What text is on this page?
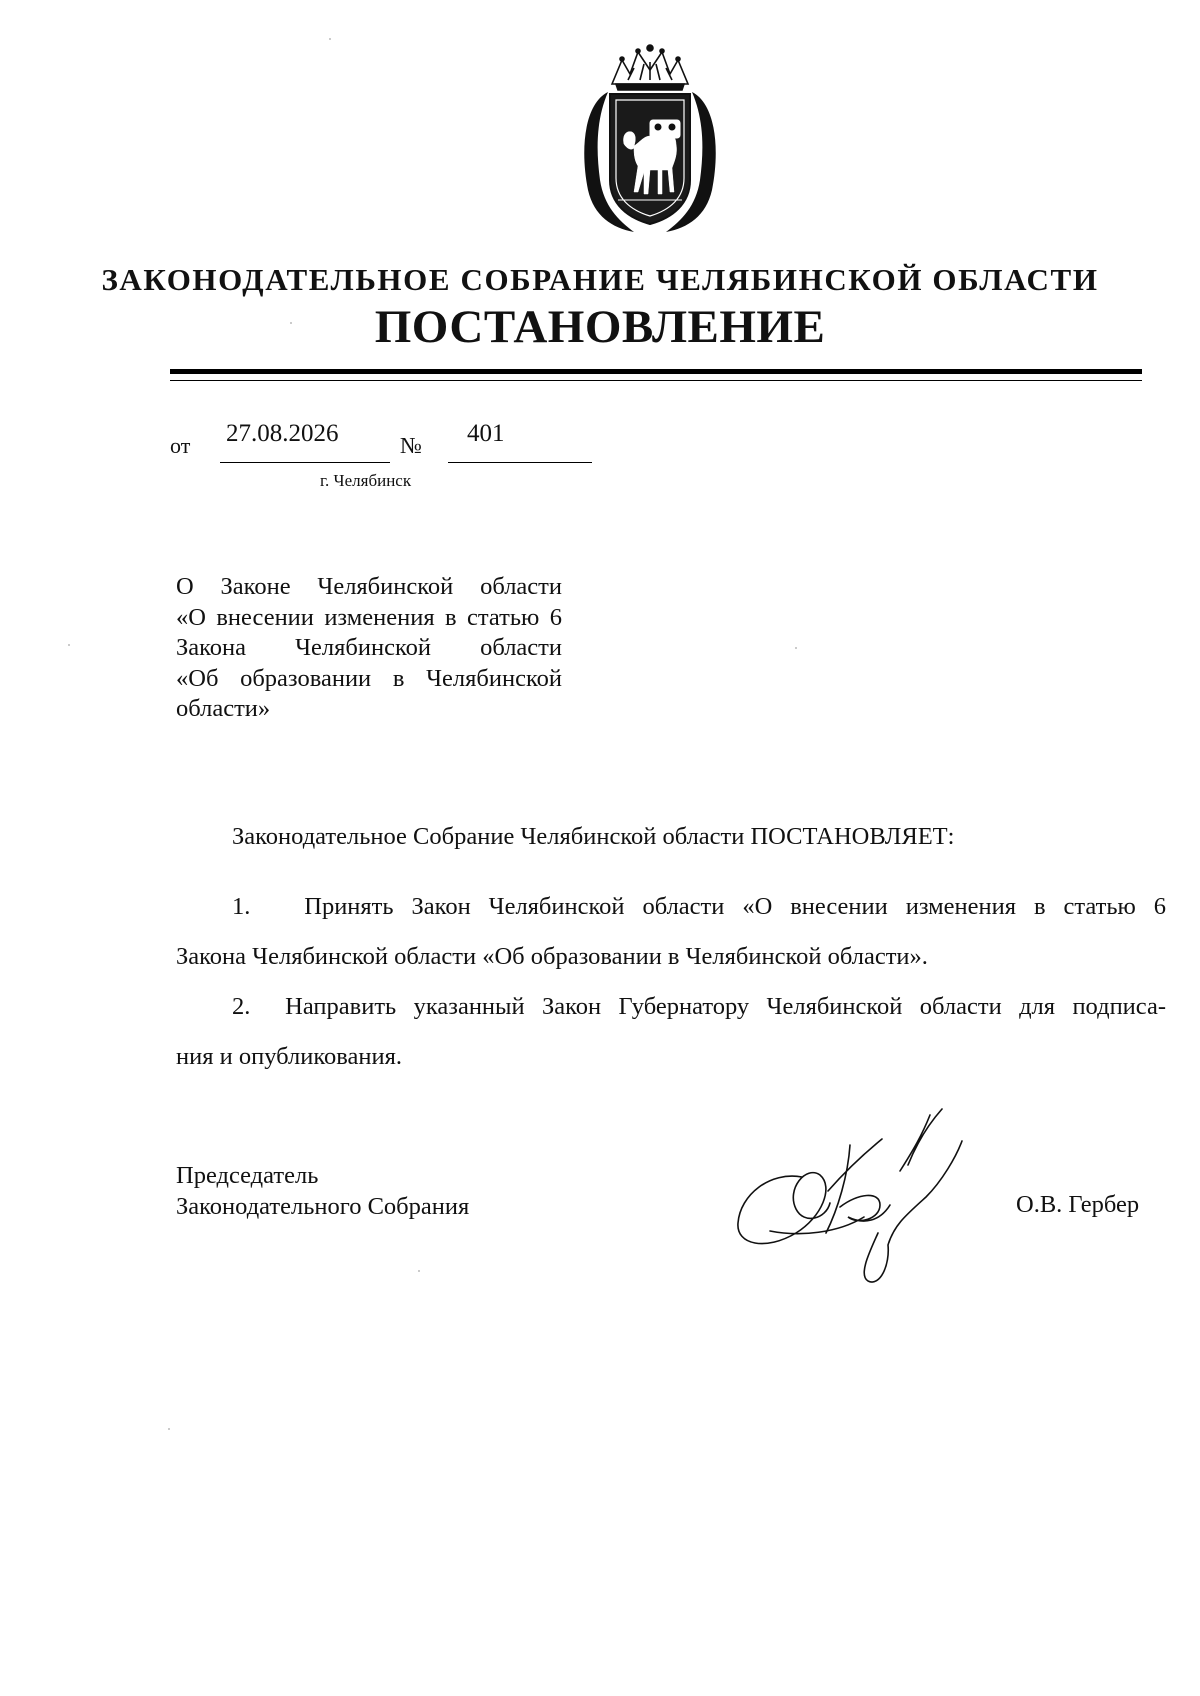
ЗАКОНОДАТЕЛЬНОЕ СОБРАНИЕ ЧЕЛЯБИНСКОЙ ОБЛАСТИ
ПОСТАНОВЛЕНИЕ
от 27.08.2026	№ 401
г. Челябинск
О Законе Челябинской области
«О внесении изменения в статью 6
Закона Челябинской области
«Об образовании в Челябинской
области»
Законодательное Собрание Челябинской области ПОСТАНОВЛЯЕТ:
1. Принять Закон Челябинской области «О внесении изменения в статью 6
Закона Челябинской области «Об образовании в Челябинской области».
2. Направить указанный Закон Губернатору Челябинской области для подписа-
ния и опубликования.
Председатель
Законодательного Собрания	О.В. Гербер
